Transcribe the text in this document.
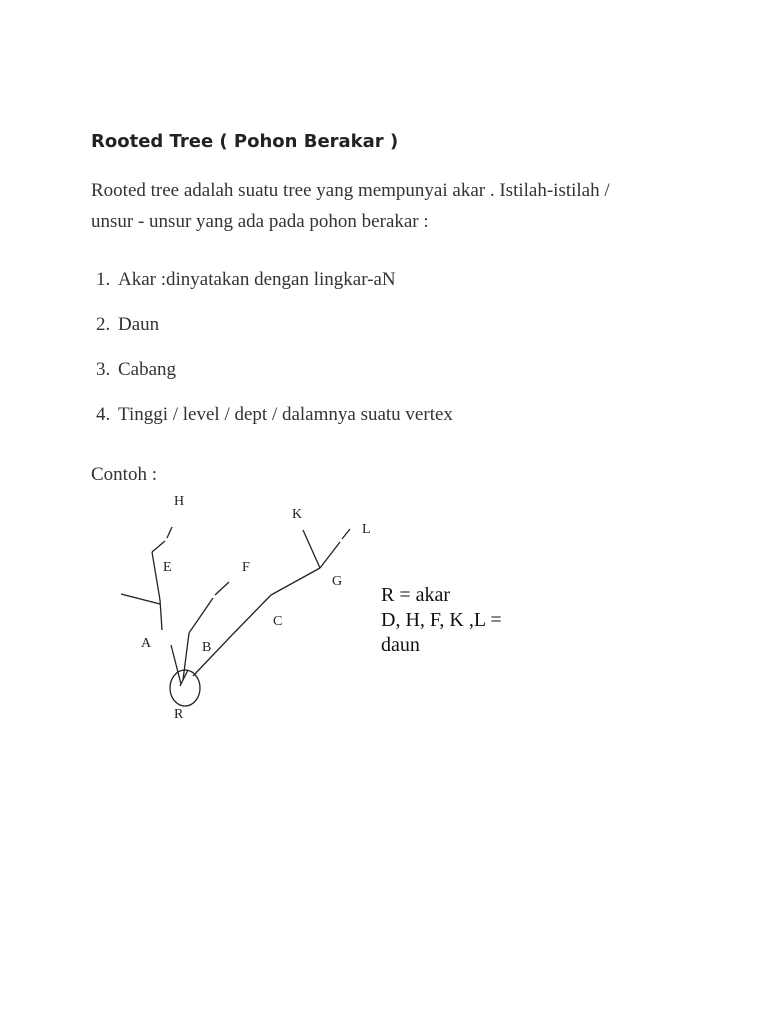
Rooted Tree ( Pohon Berakar )

Rooted tree adalah suatu tree yang mempunyai akar . Istilah-istilah /
unsur - unsur yang ada pada pohon berakar :

1. Akar :dinyatakan dengan lingkar-aN
2. Daun
3. Cabang
4. Tinggi / level / dept / dalamnya suatu vertex

Contoh :

H
K
L
E	F
G
C
A	B
R
R = akar
D, H, F, K ,L =
daun
